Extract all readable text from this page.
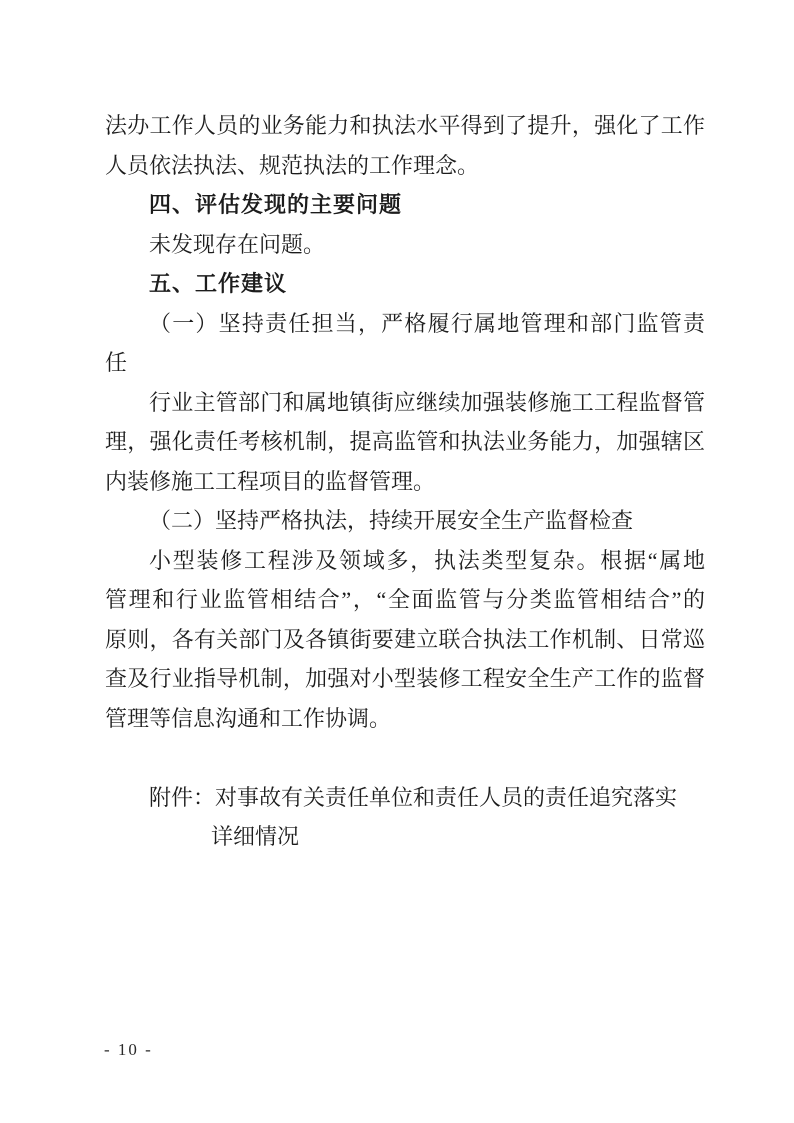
法办工作人员的业务能力和执法水平得到了提升，强化了工作
人员依法执法、规范执法的工作理念。
四、评估发现的主要问题
未发现存在问题。
五、工作建议
（一）坚持责任担当，严格履行属地管理和部门监管责
任
行业主管部门和属地镇街应继续加强装修施工工程监督管
理，强化责任考核机制，提高监管和执法业务能力，加强辖区
内装修施工工程项目的监督管理。
（二）坚持严格执法，持续开展安全生产监督检查
小型装修工程涉及领域多，执法类型复杂。根据“属地
管理和行业监管相结合”，“全面监管与分类监管相结合”的
原则，各有关部门及各镇街要建立联合执法工作机制、日常巡
查及行业指导机制，加强对小型装修工程安全生产工作的监督
管理等信息沟通和工作协调。
附件：对事故有关责任单位和责任人员的责任追究落实
详细情况
- 10 -
